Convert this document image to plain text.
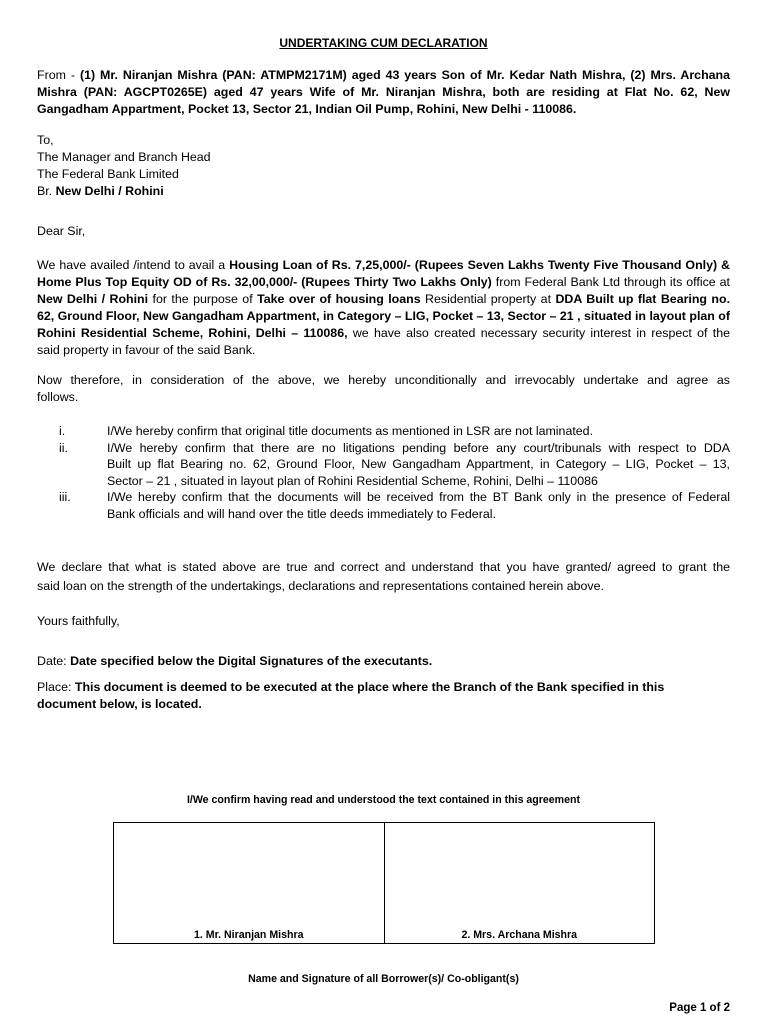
UNDERTAKING CUM DECLARATION
From - (1) Mr. Niranjan Mishra (PAN: ATMPM2171M) aged 43 years Son of Mr. Kedar Nath Mishra, (2) Mrs. Archana
Mishra (PAN: AGCPT0265E) aged 47 years Wife of Mr. Niranjan Mishra, both are residing at Flat No. 62, New
Gangadham Appartment, Pocket 13, Sector 21, Indian Oil Pump, Rohini, New Delhi - 110086.
To,
The Manager and Branch Head
The Federal Bank Limited
Br. New Delhi / Rohini
Dear Sir,
We have availed /intend to avail a Housing Loan of Rs. 7,25,000/- (Rupees Seven Lakhs Twenty Five Thousand Only) &
Home Plus Top Equity OD of Rs. 32,00,000/- (Rupees Thirty Two Lakhs Only) from Federal Bank Ltd through its office at
New Delhi / Rohini for the purpose of Take over of housing loans Residential property at DDA Built up flat Bearing no.
62, Ground Floor, New Gangadham Appartment, in Category – LIG, Pocket – 13, Sector – 21 , situated in layout plan of
Rohini Residential Scheme, Rohini, Delhi – 110086, we have also created necessary security interest in respect of the
said property in favour of the said Bank.
Now therefore, in consideration of the above, we hereby unconditionally and irrevocably undertake and agree as
follows.
i.	I/We hereby confirm that original title documents as mentioned in LSR are not laminated.
ii.	I/We hereby confirm that there are no litigations pending before any court/tribunals with respect to DDA
Built up flat Bearing no. 62, Ground Floor, New Gangadham Appartment, in Category – LIG, Pocket – 13,
Sector – 21 , situated in layout plan of Rohini Residential Scheme, Rohini, Delhi – 110086
iii.	I/We hereby confirm that the documents will be received from the BT Bank only in the presence of Federal
Bank officials and will hand over the title deeds immediately to Federal.
We declare that what is stated above are true and correct and understand that you have granted/ agreed to grant the
said loan on the strength of the undertakings, declarations and representations contained herein above.
Yours faithfully,
Date: Date specified below the Digital Signatures of the executants.
Place: This document is deemed to be executed at the place where the Branch of the Bank specified in this
document below, is located.
I/We confirm having read and understood the text contained in this agreement
1. Mr. Niranjan Mishra	2. Mrs. Archana Mishra
Name and Signature of all Borrower(s)/ Co-obligant(s)
Page 1 of 2
